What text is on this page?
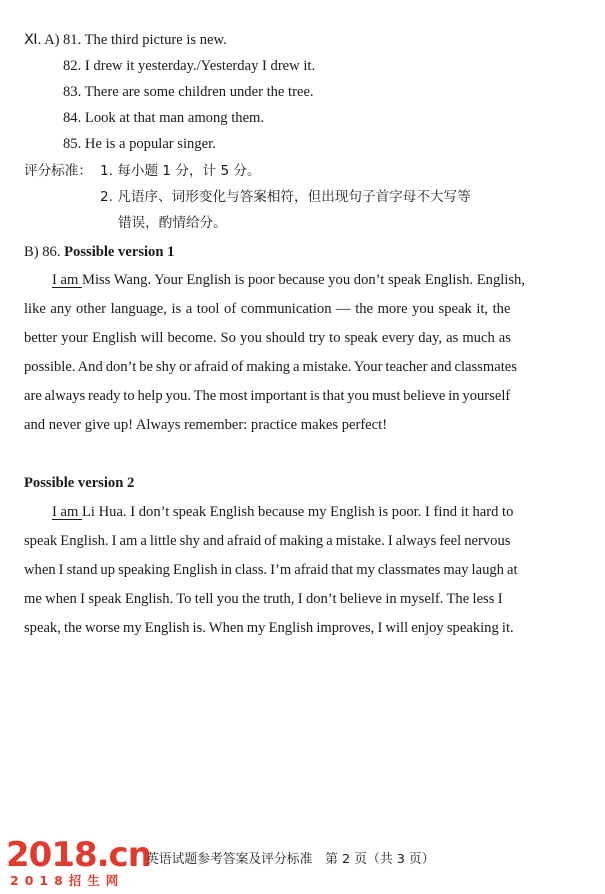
Ⅺ. A) 81. The third picture is new.
82. I drew it yesterday./Yesterday I drew it.
83. There are some children under the tree.
84. Look at that man among them.
85. He is a popular singer.
评分标准： 1. 每小题 1 分，计 5 分。
2. 凡语序、词形变化与答案相符，但出现句子首字母不大写等
错误，酌情给分。
B) 86. Possible version 1
I am Miss Wang. Your English is poor because you don’t speak English. English,
like any other language, is a tool of communication — the more you speak it, the
better your English will become. So you should try to speak every day, as much as
possible. And don’t be shy or afraid of making a mistake. Your teacher and classmates
are always ready to help you. The most important is that you must believe in yourself
and never give up! Always remember: practice makes perfect!
Possible version 2
I am Li Hua. I don’t speak English because my English is poor. I find it hard to
speak English. I am a little shy and afraid of making a mistake. I always feel nervous
when I stand up speaking English in class. I’m afraid that my classmates may laugh at
me when I speak English. To tell you the truth, I don’t believe in myself. The less I
speak, the worse my English is. When my English improves, I will enjoy speaking it.
2018.cn
2018招生网
英语试题参考答案及评分标准　第 2 页（共 3 页）
